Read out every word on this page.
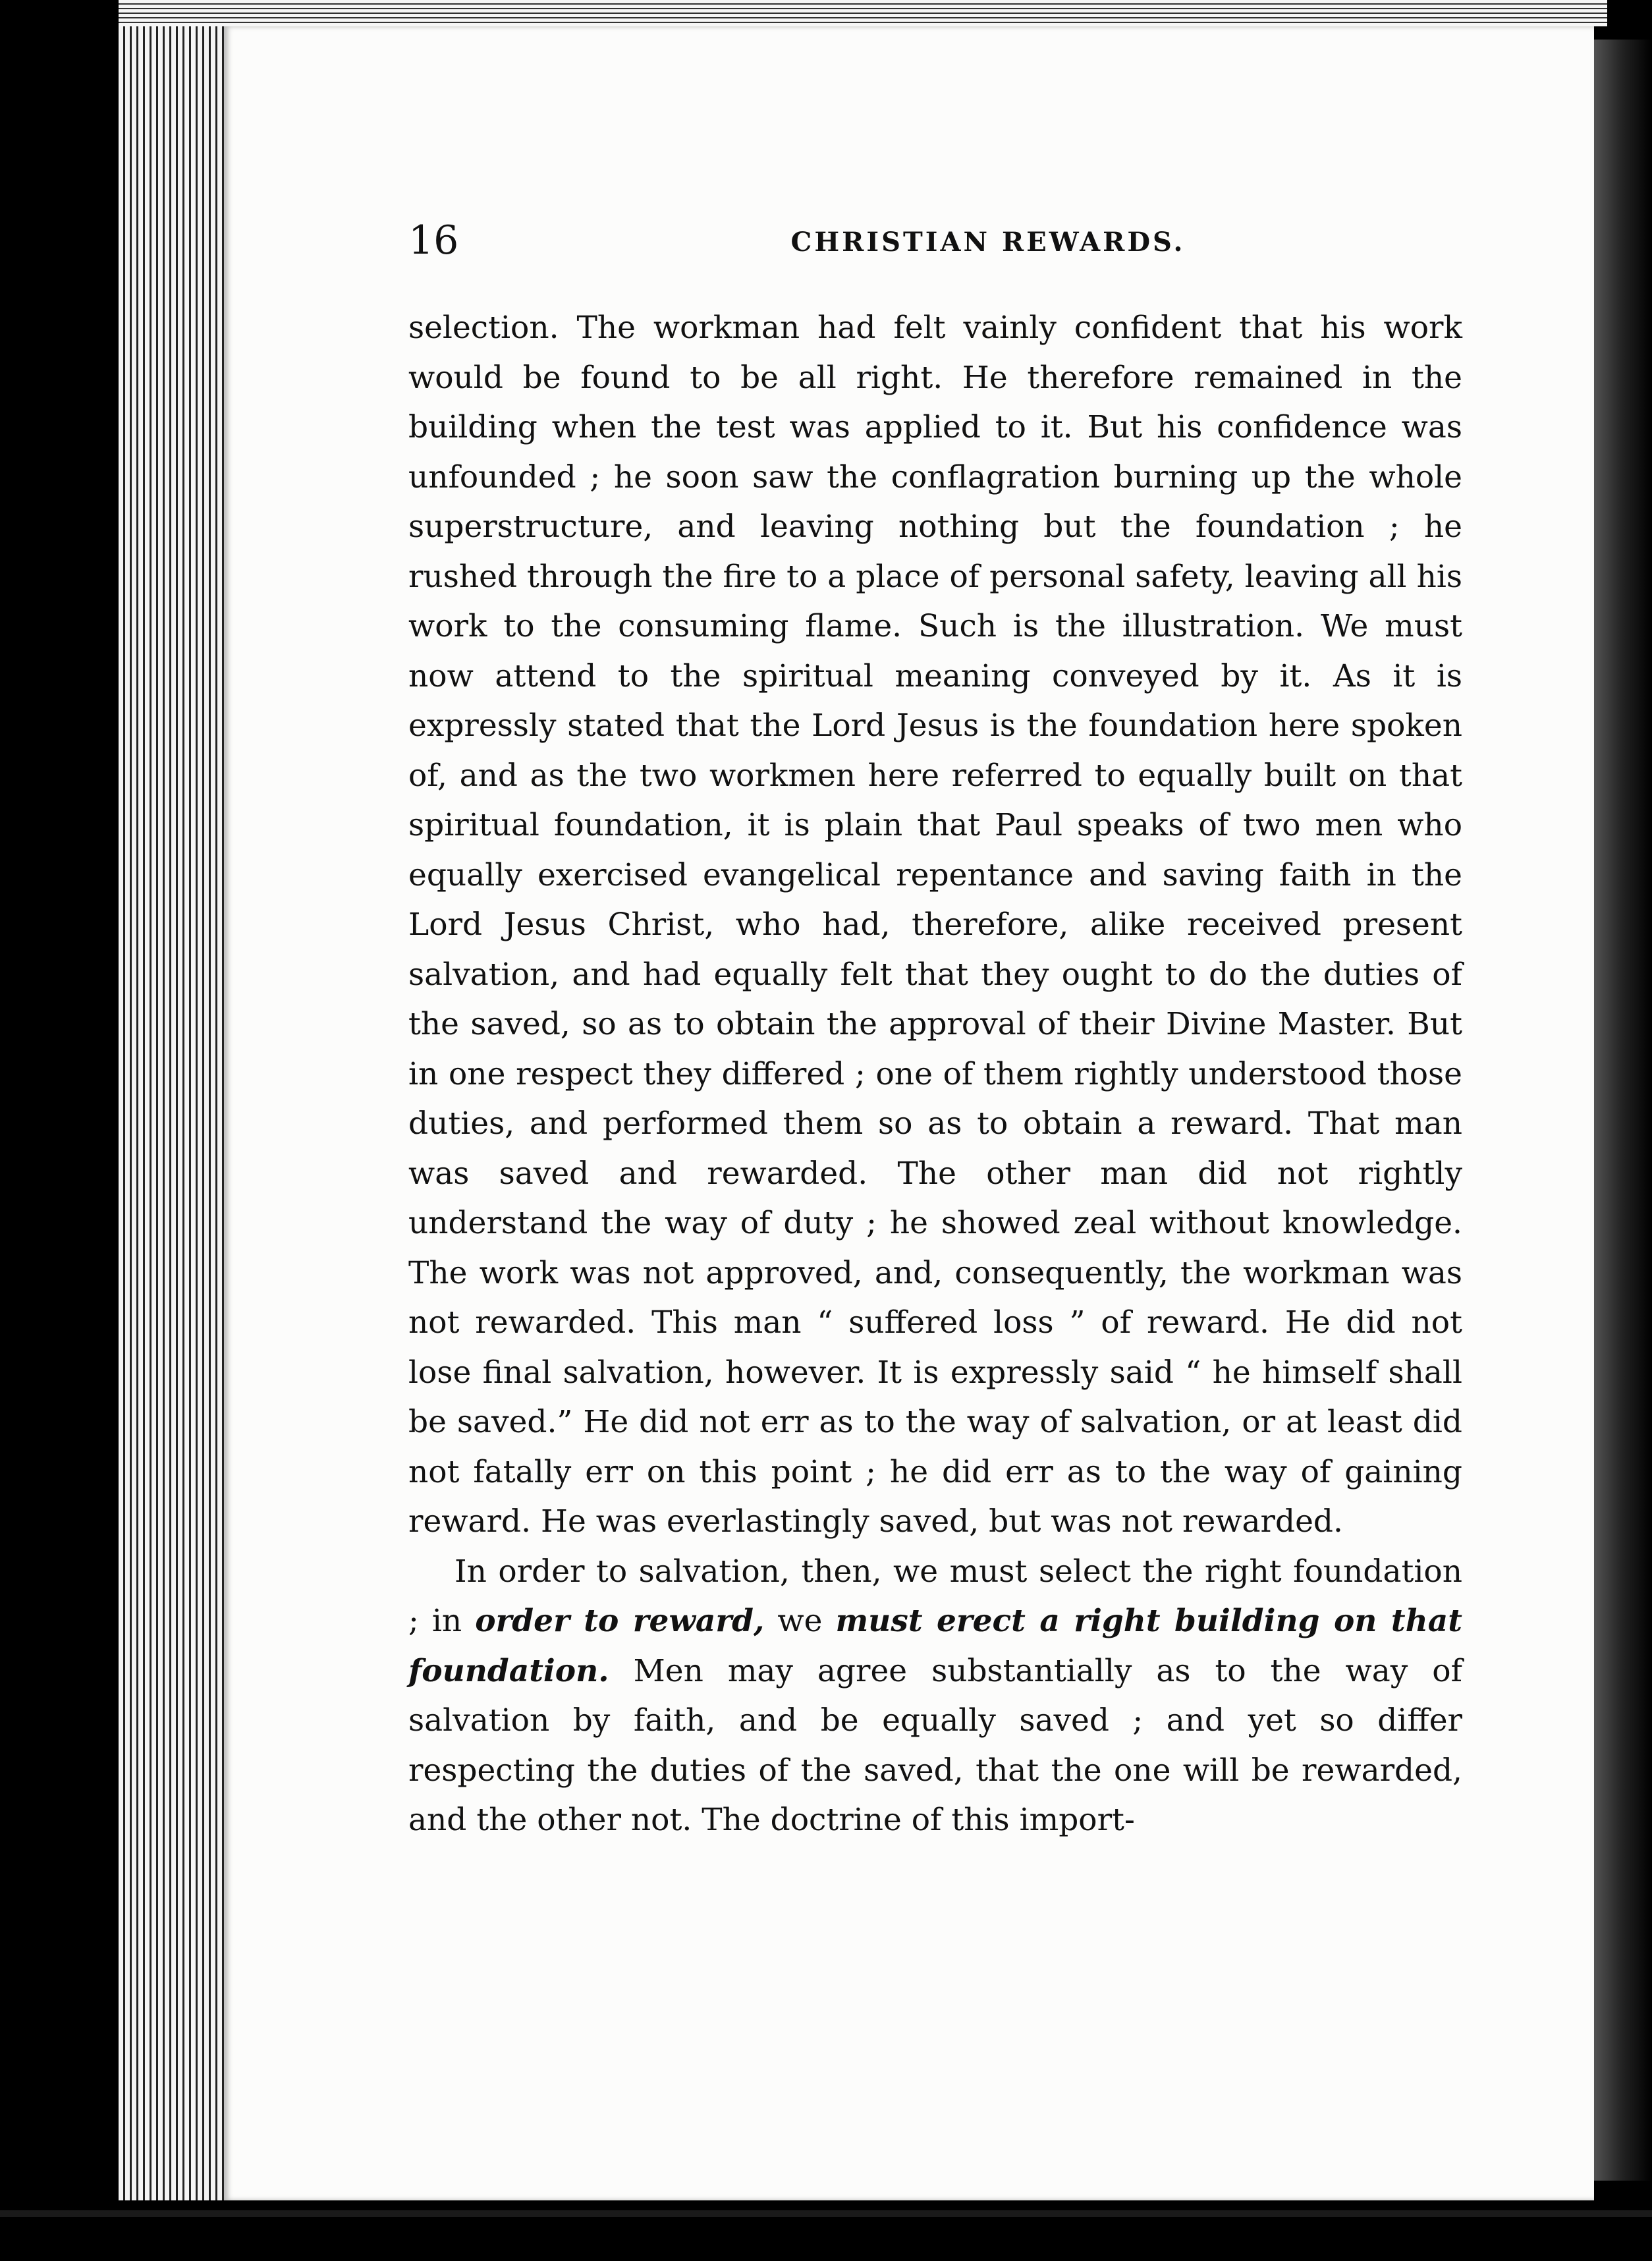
16	CHRISTIAN REWARDS.

selection. The workman had felt vainly confident that his work would be found to be all right. He therefore remained in the building when the test was applied to it. But his confidence was unfounded ; he soon saw the conflagration burning up the whole superstructure, and leaving nothing but the foundation ; he rushed through the fire to a place of personal safety, leaving all his work to the consuming flame. Such is the illustration. We must now attend to the spiritual meaning conveyed by it. As it is expressly stated that the Lord Jesus is the foundation here spoken of, and as the two workmen here referred to equally built on that spiritual foundation, it is plain that Paul speaks of two men who equally exercised evangelical repentance and saving faith in the Lord Jesus Christ, who had, therefore, alike received present salvation, and had equally felt that they ought to do the duties of the saved, so as to obtain the approval of their Divine Master. But in one respect they differed ; one of them rightly understood those duties, and performed them so as to obtain a reward. That man was saved and rewarded. The other man did not rightly understand the way of duty ; he showed zeal without knowledge. The work was not approved, and, consequently, the workman was not rewarded. This man “ suffered loss ” of reward. He did not lose final salvation, however. It is expressly said “ he himself shall be saved.” He did not err as to the way of salvation, or at least did not fatally err on this point ; he did err as to the way of gaining reward. He was everlastingly saved, but was not rewarded.

In order to salvation, then, we must select the right foundation ; in order to reward, we must erect a right building on that foundation. Men may agree substantially as to the way of salvation by faith, and be equally saved ; and yet so differ respecting the duties of the saved, that the one will be rewarded, and the other not. The doctrine of this import-
